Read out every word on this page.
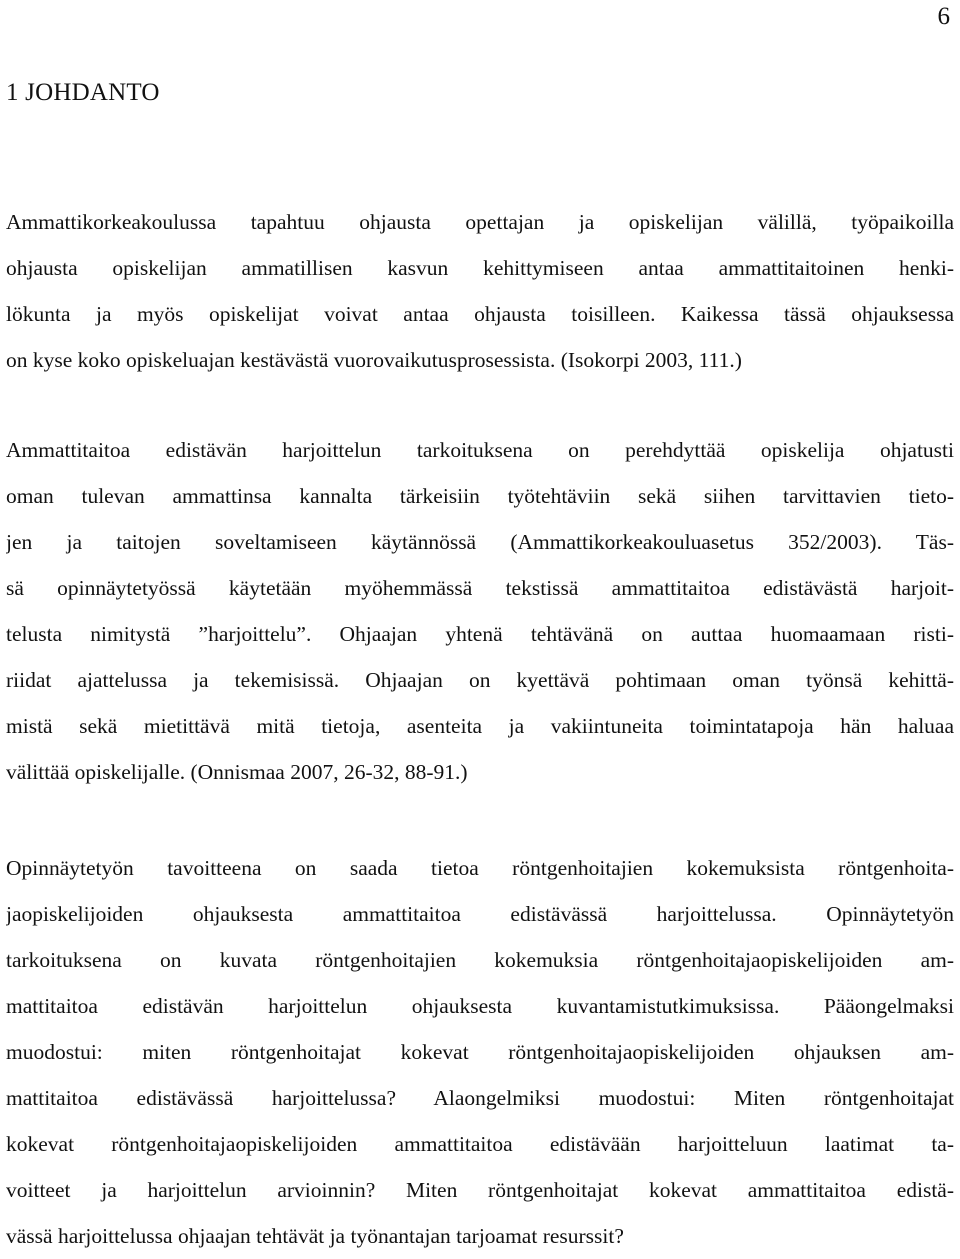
6
1 JOHDANTO
Ammattikorkeakoulussa tapahtuu ohjausta opettajan ja opiskelijan välillä, työpaikoilla
ohjausta opiskelijan ammatillisen kasvun kehittymiseen antaa ammattitaitoinen henki-
lökunta ja myös opiskelijat voivat antaa ohjausta toisilleen. Kaikessa tässä ohjauksessa
on kyse koko opiskeluajan kestävästä vuorovaikutusprosessista. (Isokorpi 2003, 111.)
Ammattitaitoa edistävän harjoittelun tarkoituksena on perehdyttää opiskelija ohjatusti
oman tulevan ammattinsa kannalta tärkeisiin työtehtäviin sekä siihen tarvittavien tieto-
jen ja taitojen soveltamiseen käytännössä (Ammattikorkeakouluasetus 352/2003). Täs-
sä opinnäytetyössä käytetään myöhemmässä tekstissä ammattitaitoa edistävästä harjoit-
telusta nimitystä ”harjoittelu”. Ohjaajan yhtenä tehtävänä on auttaa huomaamaan risti-
riidat ajattelussa ja tekemisissä. Ohjaajan on kyettävä pohtimaan oman työnsä kehittä-
mistä sekä mietittävä mitä tietoja, asenteita ja vakiintuneita toimintatapoja hän haluaa
välittää opiskelijalle. (Onnismaa 2007, 26-32, 88-91.)
Opinnäytetyön tavoitteena on saada tietoa röntgenhoitajien kokemuksista röntgenhoita-
jaopiskelijoiden ohjauksesta ammattitaitoa edistävässä harjoittelussa. Opinnäytetyön
tarkoituksena on kuvata röntgenhoitajien kokemuksia röntgenhoitajaopiskelijoiden am-
mattitaitoa edistävän harjoittelun ohjauksesta kuvantamistutkimuksissa. Pääongelmaksi
muodostui: miten röntgenhoitajat kokevat röntgenhoitajaopiskelijoiden ohjauksen am-
mattitaitoa edistävässä harjoittelussa? Alaongelmiksi muodostui: Miten röntgenhoitajat
kokevat röntgenhoitajaopiskelijoiden ammattitaitoa edistävään harjoitteluun laatimat ta-
voitteet ja harjoittelun arvioinnin? Miten röntgenhoitajat kokevat ammattitaitoa edistä-
vässä harjoittelussa ohjaajan tehtävät ja työnantajan tarjoamat resurssit?
